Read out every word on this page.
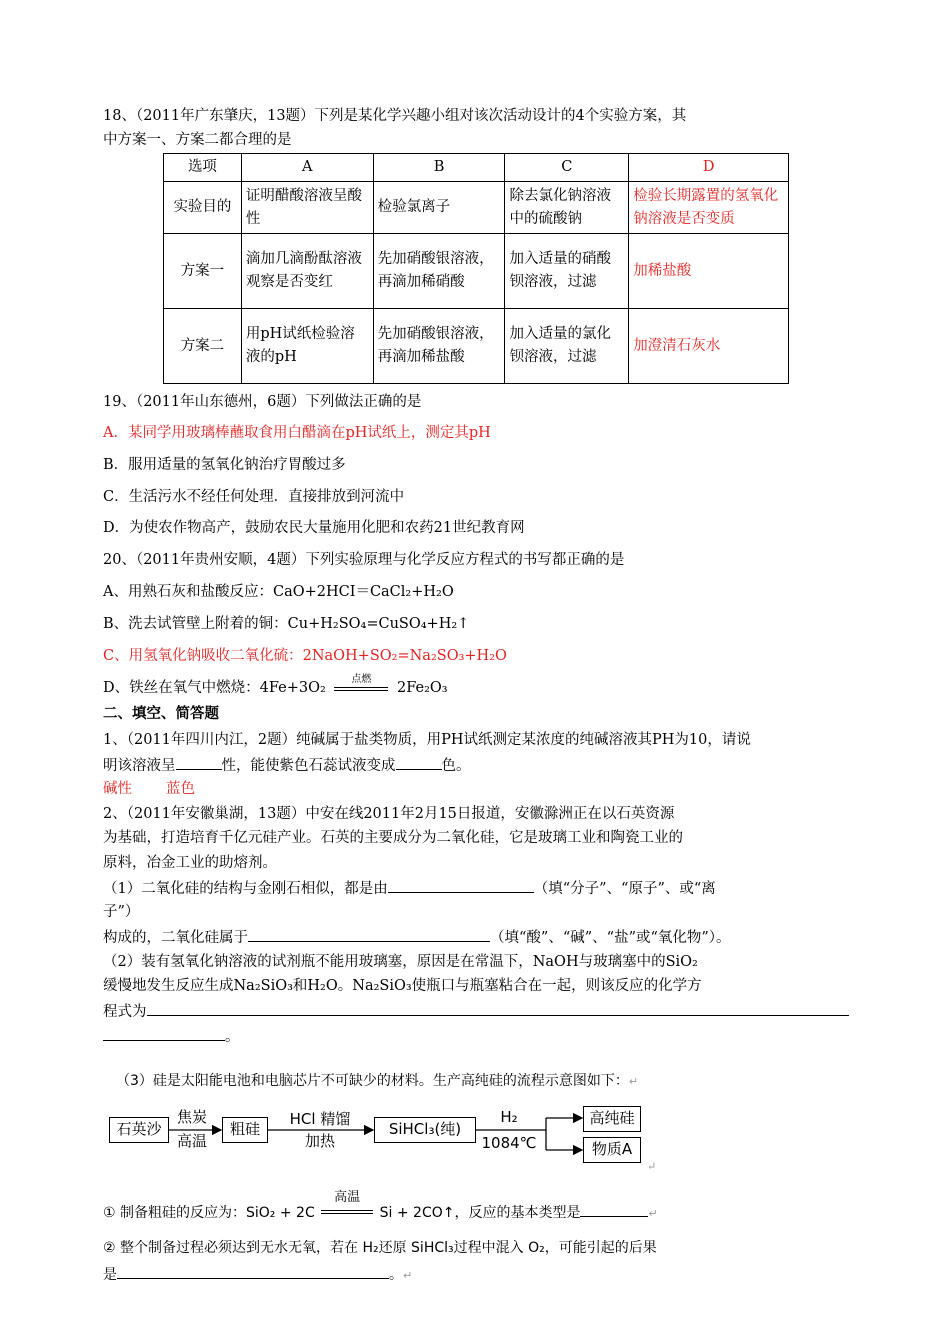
18、（2011年广东肇庆，13题）下列是某化学兴趣小组对该次活动设计的4个实验方案，其
中方案一、方案二都合理的是
选项	A	B	C	D
实验目的	证明醋酸溶液呈酸性	检验氯离子	除去氯化钠溶液中的硫酸钠	检验长期露置的氢氧化钠溶液是否变质
方案一	滴加几滴酚酞溶液观察是否变红	先加硝酸银溶液，再滴加稀硝酸	加入适量的硝酸钡溶液，过滤	加稀盐酸
方案二	用pH试纸检验溶液的pH	先加硝酸银溶液，再滴加稀盐酸	加入适量的氯化钡溶液，过滤	加澄清石灰水
19、（2011年山东德州，6题）下列做法正确的是
A．某同学用玻璃棒蘸取食用白醋滴在pH试纸上，测定其pH
B．服用适量的氢氧化钠治疗胃酸过多
C．生活污水不经任何处理．直接排放到河流中
D．为使农作物高产，鼓励农民大量施用化肥和农药21世纪教育网
20、（2011年贵州安顺，4题）下列实验原理与化学反应方程式的书写都正确的是
A、用熟石灰和盐酸反应：CaO+2HCI＝CaCl₂+H₂O
B、洗去试管壁上附着的铜：Cu+H₂SO₄=CuSO₄+H₂↑
C、用氢氧化钠吸收二氧化硫：2NaOH+SO₂=Na₂SO₃+H₂O
D、铁丝在氧气中燃烧：4Fe+3O₂
点燃
2Fe₂O₃
二、填空、简答题
1、（2011年四川内江，2题）纯碱属于盐类物质，用PH试纸测定某浓度的纯碱溶液其PH为10，请说
明该溶液呈	性，能使紫色石蕊试液变成	色。
碱性 蓝色
2、（2011年安徽巢湖，13题）中安在线2011年2月15日报道，安徽滁洲正在以石英资源
为基础，打造培育千亿元硅产业。石英的主要成分为二氧化硅，它是玻璃工业和陶瓷工业的
原料，冶金工业的助熔剂。
（1）二氧化硅的结构与金刚石相似，都是由	（填“分子”、“原子”、或“离
子”）
构成的，二氧化硅属于	（填“酸”、“碱”、“盐”或“氧化物”）。
（2）装有氢氧化钠溶液的试剂瓶不能用玻璃塞，原因是在常温下，NaOH与玻璃塞中的SiO₂
缓慢地发生反应生成Na₂SiO₃和H₂O。Na₂SiO₃使瓶口与瓶塞粘合在一起，则该反应的化学方
程式为
。
（3）硅是太阳能电池和电脑芯片不可缺少的材料。生产高纯硅的流程示意图如下：↵
石英沙
焦炭
高温
粗硅
HCl 精馏
加热
SiHCl₃(纯)
H₂
1084℃
高纯硅
物质A
↵
① 制备粗硅的反应为：SiO₂ + 2C
高温
Si + 2CO↑，反应的基本类型是	↵
② 整个制备过程必须达到无水无氧，若在 H₂还原 SiHCl₃过程中混入 O₂，可能引起的后果
是	。↵
